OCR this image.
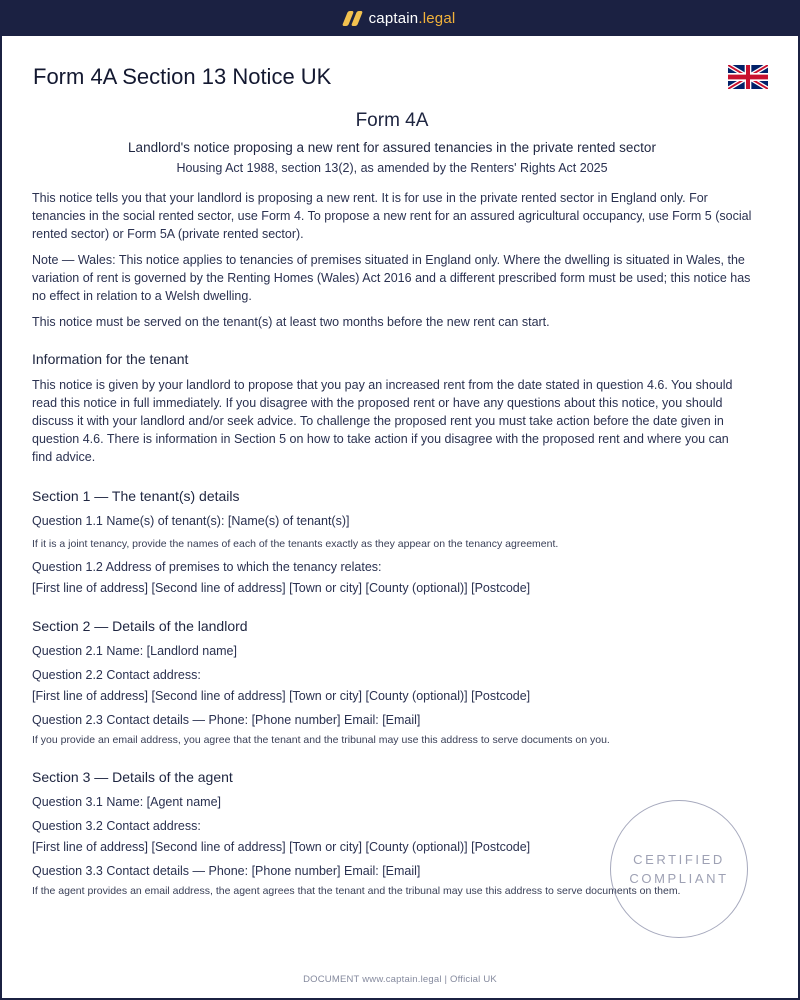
captain.legal
Form 4A Section 13 Notice UK
Form 4A
Landlord's notice proposing a new rent for assured tenancies in the private rented sector
Housing Act 1988, section 13(2), as amended by the Renters' Rights Act 2025

This notice tells you that your landlord is proposing a new rent. It is for use in the private rented sector in England only. For tenancies in the social rented sector, use Form 4. To propose a new rent for an assured agricultural occupancy, use Form 5 (social rented sector) or Form 5A (private rented sector).

Note — Wales: This notice applies to tenancies of premises situated in England only. Where the dwelling is situated in Wales, the variation of rent is governed by the Renting Homes (Wales) Act 2016 and a different prescribed form must be used; this notice has no effect in relation to a Welsh dwelling.

This notice must be served on the tenant(s) at least two months before the new rent can start.

Information for the tenant

This notice is given by your landlord to propose that you pay an increased rent from the date stated in question 4.6. You should read this notice in full immediately. If you disagree with the proposed rent or have any questions about this notice, you should discuss it with your landlord and/or seek advice. To challenge the proposed rent you must take action before the date given in question 4.6. There is information in Section 5 on how to take action if you disagree with the proposed rent and where you can find advice.

Section 1 — The tenant(s) details
Question 1.1 Name(s) of tenant(s): [Name(s) of tenant(s)]
If it is a joint tenancy, provide the names of each of the tenants exactly as they appear on the tenancy agreement.
Question 1.2 Address of premises to which the tenancy relates:
[First line of address] [Second line of address] [Town or city] [County (optional)] [Postcode]
Section 2 — Details of the landlord
Question 2.1 Name: [Landlord name]
Question 2.2 Contact address:
[First line of address] [Second line of address] [Town or city] [County (optional)] [Postcode]
Question 2.3 Contact details — Phone: [Phone number] Email: [Email]
If you provide an email address, you agree that the tenant and the tribunal may use this address to serve documents on you.
Section 3 — Details of the agent
Question 3.1 Name: [Agent name]
Question 3.2 Contact address:
[First line of address] [Second line of address] [Town or city] [County (optional)] [Postcode]
Question 3.3 Contact details — Phone: [Phone number] Email: [Email]
If the agent provides an email address, the agent agrees that the tenant and the tribunal may use this address to serve documents on them.
CERTIFIED
COMPLIANT
DOCUMENT www.captain.legal | Official UK
